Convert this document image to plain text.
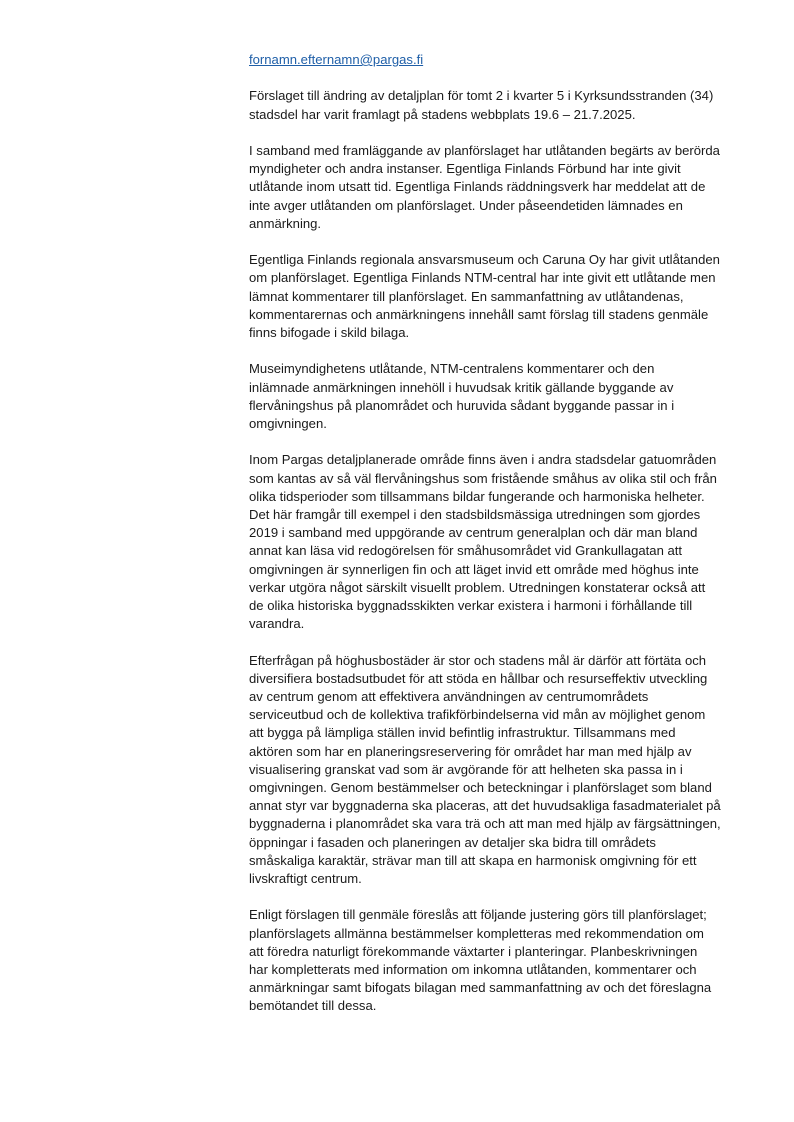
fornamn.efternamn@pargas.fi

Förslaget till ändring av detaljplan för tomt 2 i kvarter 5 i Kyrksundsstranden (34)
stadsdel har varit framlagt på stadens webbplats 19.6 – 21.7.2025.

I samband med framläggande av planförslaget har utlåtanden begärts av berörda
myndigheter och andra instanser. Egentliga Finlands Förbund har inte givit
utlåtande inom utsatt tid. Egentliga Finlands räddningsverk har meddelat att de
inte avger utlåtanden om planförslaget. Under påseendetiden lämnades en
anmärkning.

Egentliga Finlands regionala ansvarsmuseum och Caruna Oy har givit utlåtanden
om planförslaget. Egentliga Finlands NTM-central har inte givit ett utlåtande men
lämnat kommentarer till planförslaget. En sammanfattning av utlåtandenas,
kommentarernas och anmärkningens innehåll samt förslag till stadens genmäle
finns bifogade i skild bilaga.

Museimyndighetens utlåtande, NTM-centralens kommentarer och den
inlämnade anmärkningen innehöll i huvudsak kritik gällande byggande av
flervåningshus på planområdet och huruvida sådant byggande passar in i
omgivningen.

Inom Pargas detaljplanerade område finns även i andra stadsdelar gatuområden
som kantas av så väl flervåningshus som fristående småhus av olika stil och från
olika tidsperioder som tillsammans bildar fungerande och harmoniska helheter.
Det här framgår till exempel i den stadsbildsmässiga utredningen som gjordes
2019 i samband med uppgörande av centrum generalplan och där man bland
annat kan läsa vid redogörelsen för småhusområdet vid Grankullagatan att
omgivningen är synnerligen fin och att läget invid ett område med höghus inte
verkar utgöra något särskilt visuellt problem. Utredningen konstaterar också att
de olika historiska byggnadsskikten verkar existera i harmoni i förhållande till
varandra.

Efterfrågan på höghusbostäder är stor och stadens mål är därför att förtäta och
diversifiera bostadsutbudet för att stöda en hållbar och resurseffektiv utveckling
av centrum genom att effektivera användningen av centrumområdets
serviceutbud och de kollektiva trafikförbindelserna vid mån av möjlighet genom
att bygga på lämpliga ställen invid befintlig infrastruktur. Tillsammans med
aktören som har en planeringsreservering för området har man med hjälp av
visualisering granskat vad som är avgörande för att helheten ska passa in i
omgivningen. Genom bestämmelser och beteckningar i planförslaget som bland
annat styr var byggnaderna ska placeras, att det huvudsakliga fasadmaterialet på
byggnaderna i planområdet ska vara trä och att man med hjälp av färgsättningen,
öppningar i fasaden och planeringen av detaljer ska bidra till områdets
småskaliga karaktär, strävar man till att skapa en harmonisk omgivning för ett
livskraftigt centrum.

Enligt förslagen till genmäle föreslås att följande justering görs till planförslaget;
planförslagets allmänna bestämmelser kompletteras med rekommendation om
att föredra naturligt förekommande växtarter i planteringar. Planbeskrivningen
har kompletterats med information om inkomna utlåtanden, kommentarer och
anmärkningar samt bifogats bilagan med sammanfattning av och det föreslagna
bemötandet till dessa.
